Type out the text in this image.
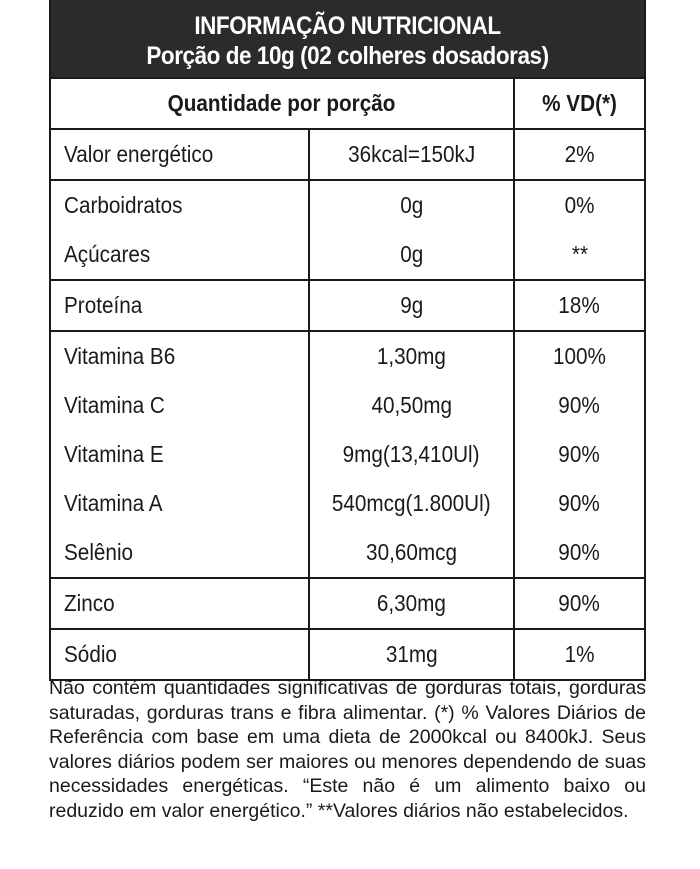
INFORMAÇÃO NUTRICIONAL
Porção de 10g (02 colheres dosadoras)
Quantidade por porção		% VD(*)
Valor energético	36kcal=150kJ	2%
Carboidratos	0g	0%
Açúcares	0g	**
Proteína	9g	18%
Vitamina B6	1,30mg	100%
Vitamina C	40,50mg	90%
Vitamina E	9mg(13,410Ul)	90%
Vitamina A	540mcg(1.800Ul)	90%
Selênio	30,60mcg	90%
Zinco	6,30mg	90%
Sódio	31mg	1%
Não contém quantidades significativas de gorduras totais, gorduras saturadas, gorduras trans e fibra alimentar. (*) % Valores Diários de Referência com base em uma dieta de 2000kcal ou 8400kJ. Seus valores diários podem ser maiores ou menores dependendo de suas necessidades energéticas. “Este não é um alimento baixo ou reduzido em valor energético.” **Valores diários não estabelecidos.
